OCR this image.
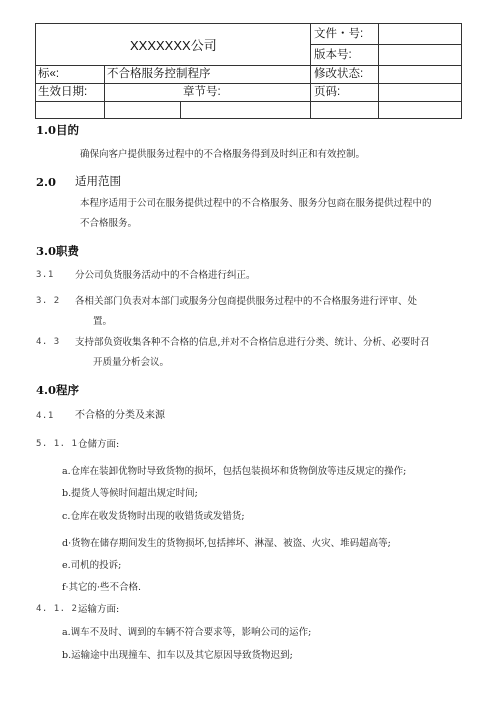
XXXXXXX公司
文件・号:
版本号:
标«:	不合格服务控制程序	修改状态:
生效日期:	章节号:	页码:
1.0目的
确保向客户提供服务过程中的不合格服务得到及时纠正和有效控制。
2.0 适用范围
本程序适用于公司在服务提供过程中的不合格服务、服务分包商在服务提供过程中的
不合格服务。
3.0职费
3.1 分公司负货服务活动中的不合格进行纠正。
3. 2 各相关部门负表对本部门或服务分包商提供服务过程中的不合格服务进行评审、处
置。
4. 3 支持部负资收集各种不合格的信息,并对不合格信息进行分类、统计、分析、必要时召
开质量分析会议。
4.0程序
4.1 不合格的分类及来源
5. 1. 1 仓储方面:
a.仓库在装卸优物时导致货物的损坏，包括包装损坏和货物倒放等违反规定的操作;
b.提货人等候时间超出规定时间;
c.仓库在收发货物时出现的收错货或发错货;
d·货物在储存期间发生的货物损坏,包括摔坏、淋湿、被盗、火灾、堆码超高等;
e.司机的投诉;
f·其它的·些不合格.
4. 1. 2 运输方面:
a.调车不及时、调到的车辆不符合要求等，影响公司的运作;
b.运输途中出现撞车、扣车以及其它原因导致货物迟到;
